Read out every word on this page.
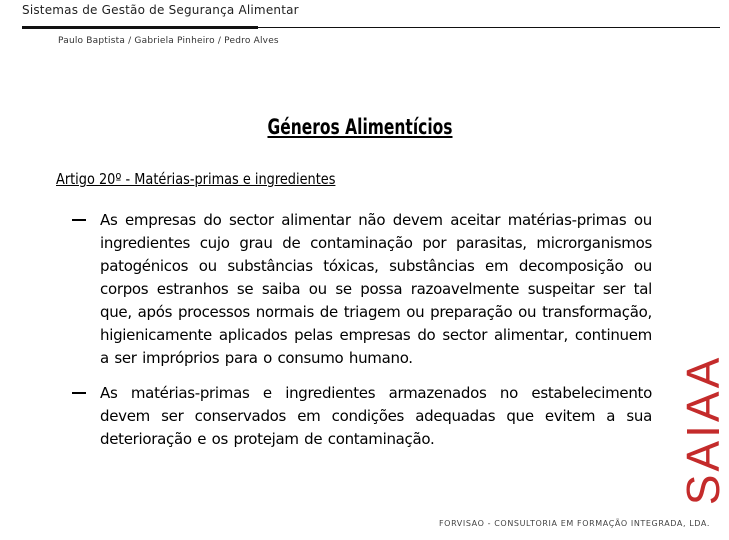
Sistemas de Gestão de Segurança Alimentar
Paulo Baptista / Gabriela Pinheiro / Pedro Alves
Géneros Alimentícios
Artigo 20º - Matérias-primas e ingredientes
As empresas do sector alimentar não devem aceitar matérias-primas ou ingredientes cujo grau de contaminação por parasitas, microrganismos patogénicos ou substâncias tóxicas, substâncias em decomposição ou corpos estranhos se saiba ou se possa razoavelmente suspeitar ser tal que, após processos normais de triagem ou preparação ou transformação, higienicamente aplicados pelas empresas do sector alimentar, continuem a ser impróprios para o consumo humano.
As matérias-primas e ingredientes armazenados no estabelecimento devem ser conservados em condições adequadas que evitem a sua deterioração e os protejam de contaminação.	SAIAA
FORVISAO - CONSULTORIA EM FORMAÇÃO INTEGRADA, LDA.
